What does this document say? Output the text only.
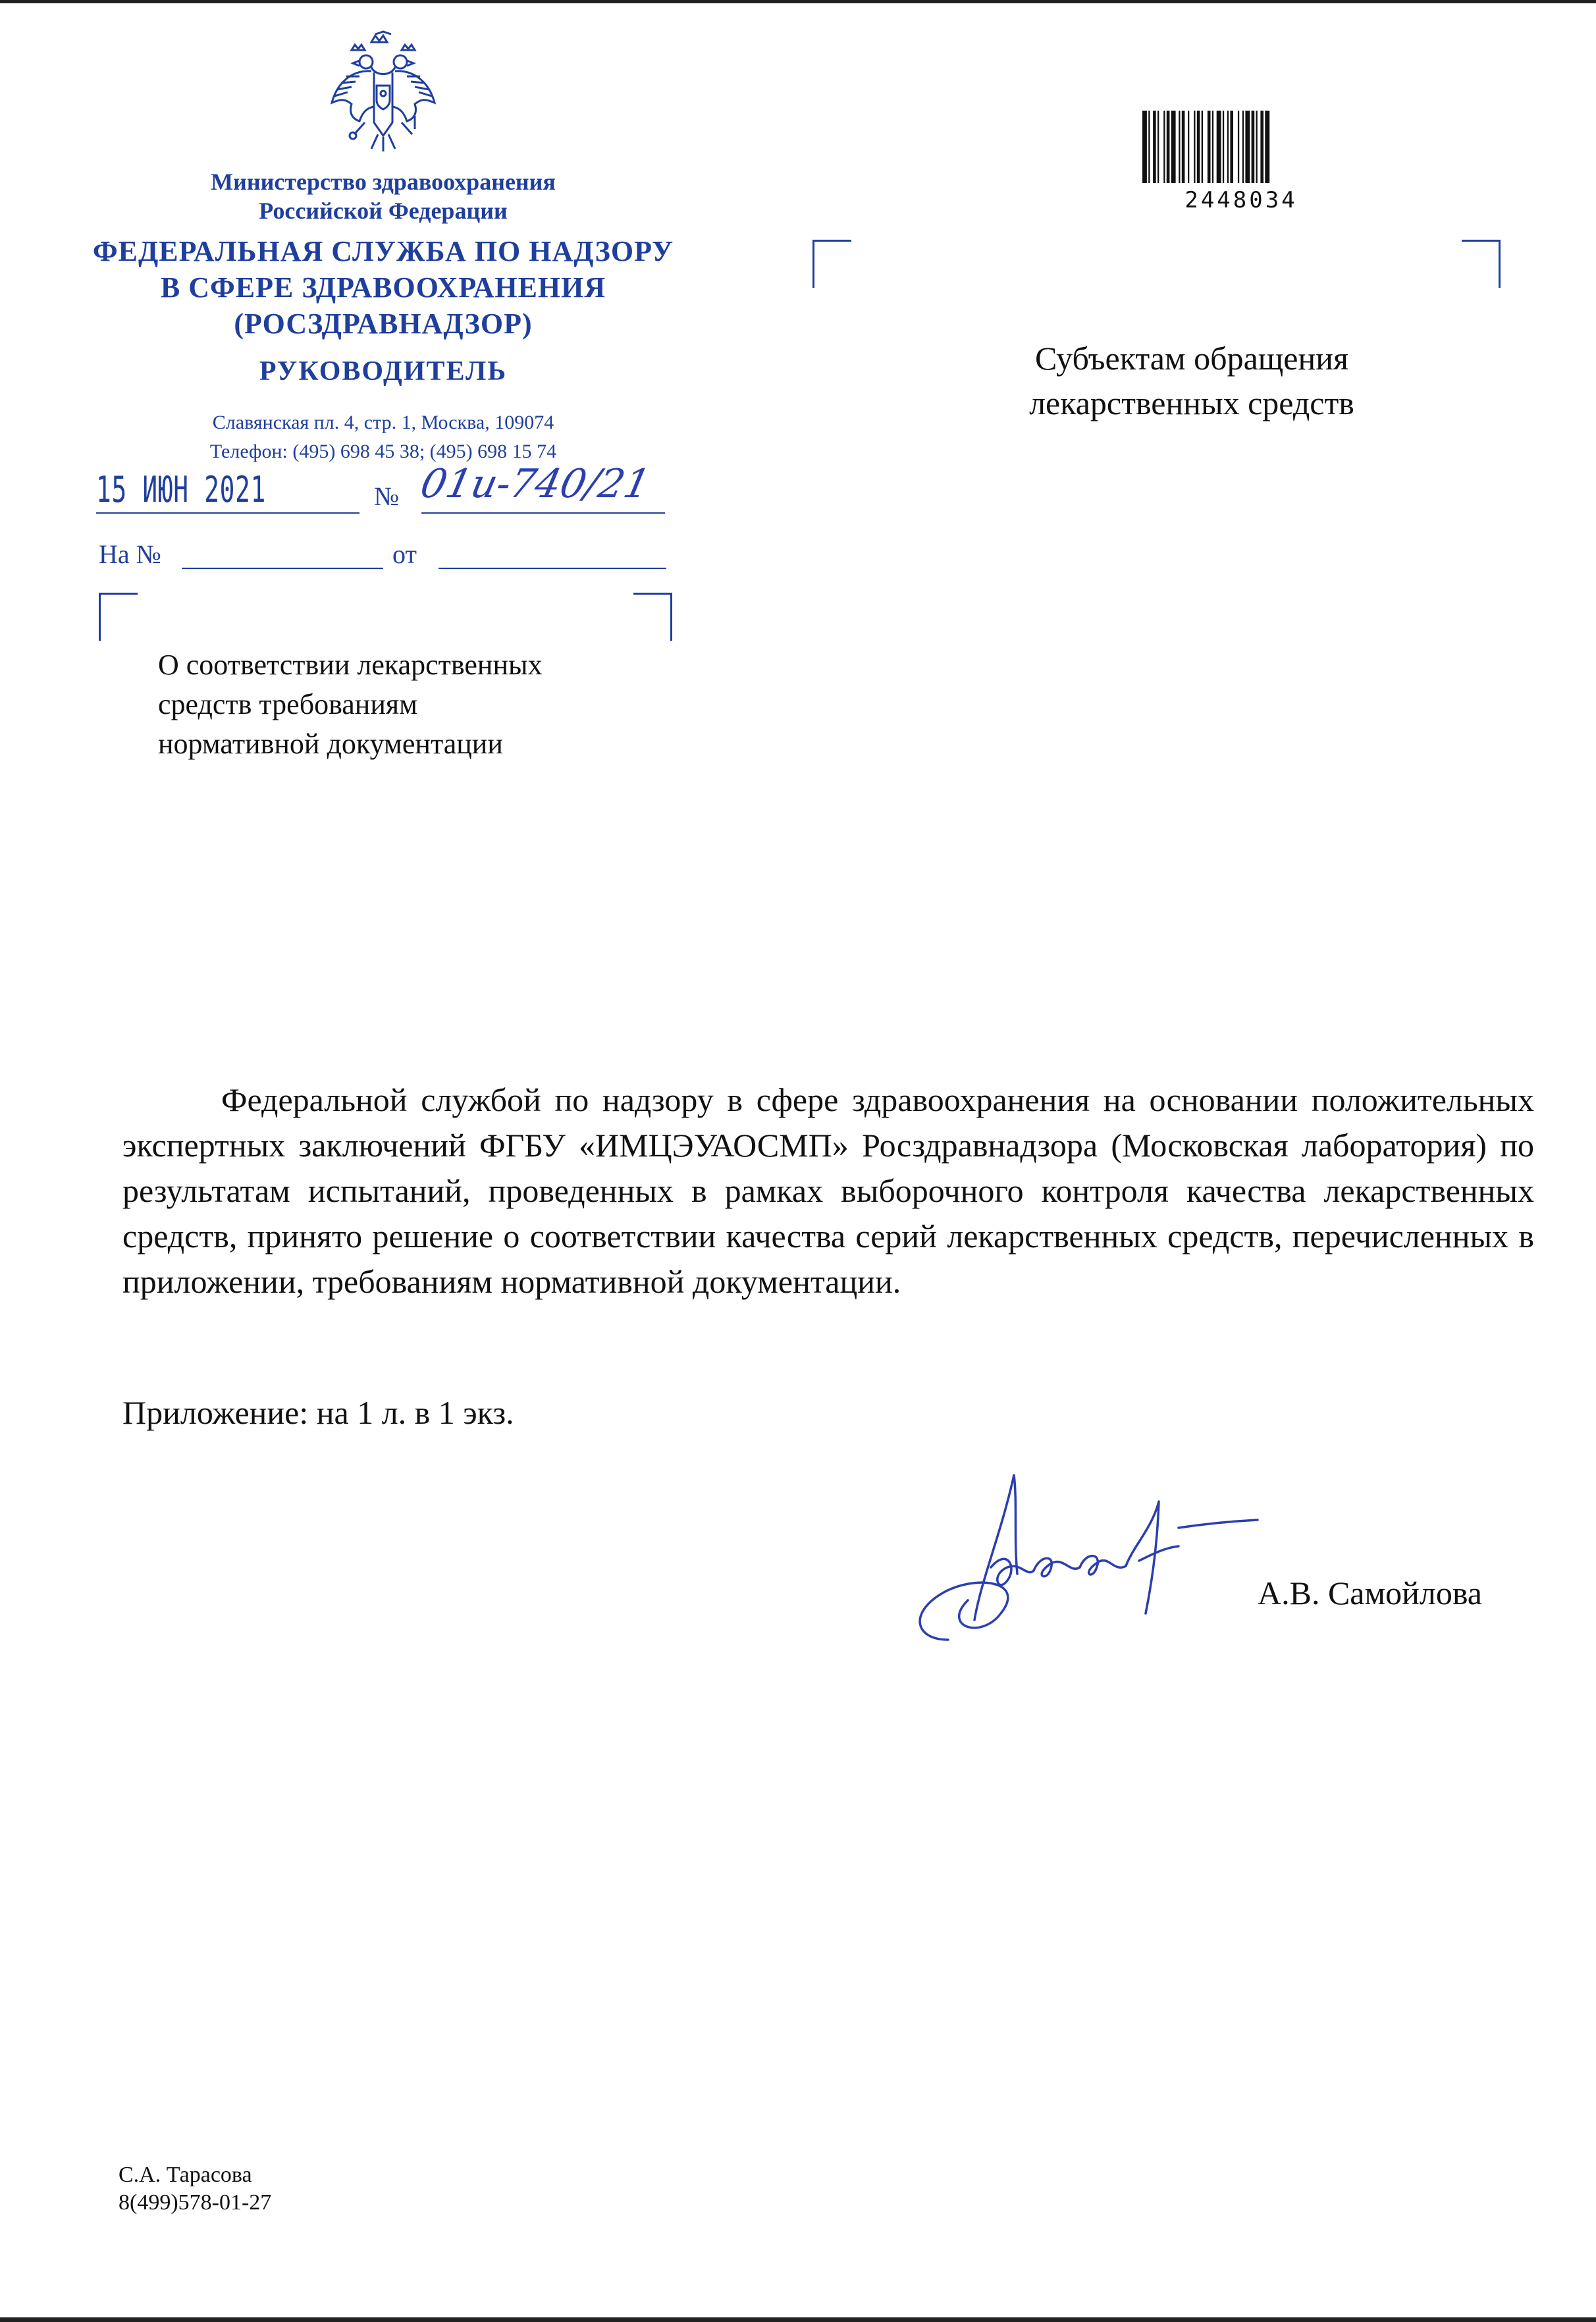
Министерство здравоохранения
Российской Федерации
ФЕДЕРАЛЬНАЯ СЛУЖБА ПО НАДЗОРУ
В СФЕРЕ ЗДРАВООХРАНЕНИЯ
(РОСЗДРАВНАДЗОР)
РУКОВОДИТЕЛЬ
Славянская пл. 4, стр. 1, Москва, 109074
Телефон: (495) 698 45 38; (495) 698 15 74
15 ИЮН 2021	№ 01и-740/21
На №	от
О соответствии лекарственных
средств требованиям
нормативной документации
Субъектам обращения
лекарственных средств
2448034
Федеральной службой по надзору в сфере здравоохранения на основании положительных экспертных заключений ФГБУ «ИМЦЭУАОСМП» Росздравнадзора (Московская лаборатория) по результатам испытаний, проведенных в рамках выборочного контроля качества лекарственных средств, принято решение о соответствии качества серий лекарственных средств, перечисленных в приложении, требованиям нормативной документации.
Приложение: на 1 л. в 1 экз.
А.В. Самойлова
С.А. Тарасова
8(499)578-01-27
